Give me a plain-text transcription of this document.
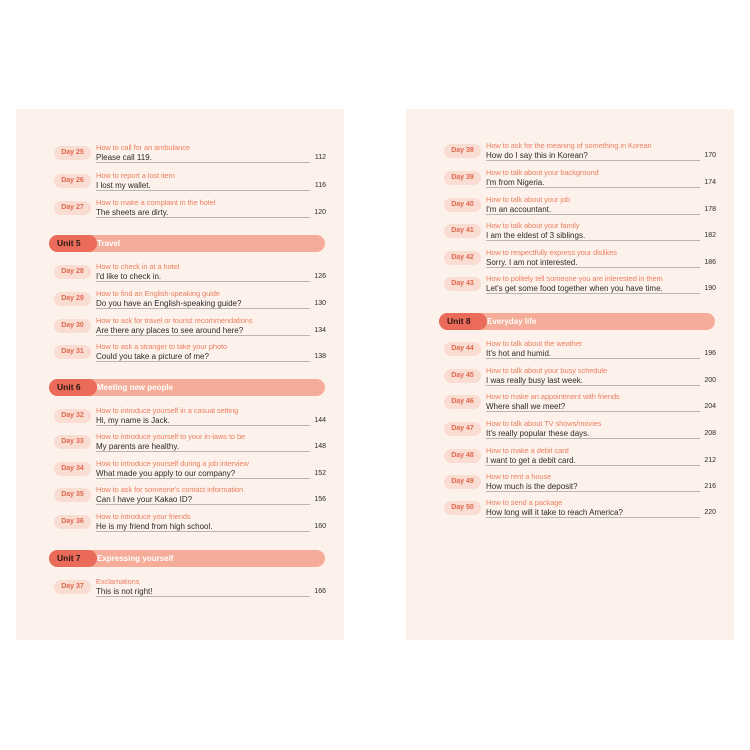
Day 25
How to call for an ambulance
Please call 119.	112
Day 26
How to report a lost item
I lost my wallet.	116
Day 27
How to make a complaint in the hotel
The sheets are dirty.	120
Unit 5	Travel
Day 28
How to check in at a hotel
I'd like to check in.	126
Day 29
How to find an English-speaking guide
Do you have an English-speaking guide?	130
Day 30
How to ask for travel or tourist recommendations
Are there any places to see around here?	134
Day 31
How to ask a stranger to take your photo
Could you take a picture of me?	138
Unit 6	Meeting new people
Day 32
How to introduce yourself in a casual setting
Hi, my name is Jack.	144
Day 33
How to introduce yourself to your in-laws to be
My parents are healthy.	148
Day 34
How to introduce yourself during a job interview
What made you apply to our company?	152
Day 35
How to ask for someone's contact information
Can I have your Kakao ID?	156
Day 36
How to introduce your friends
He is my friend from high school.	160
Unit 7	Expressing yourself
Day 37
Exclamations
This is not right!	166
Day 38
How to ask for the meaning of something in Korean
How do I say this in Korean?	170
Day 39
How to talk about your background
I'm from Nigeria.	174
Day 40
How to talk about your job
I'm an accountant.	178
Day 41
How to talk about your family
I am the eldest of 3 siblings.	182
Day 42
How to respectfully express your dislikes
Sorry. I am not interested.	186
Day 43
How to politely tell someone you are interested in them
Let's get some food together when you have time.	190
Unit 8	Everyday life
Day 44
How to talk about the weather
It's hot and humid.	196
Day 45
How to talk about your busy schedule
I was really busy last week.	200
Day 46
How to make an appointment with friends
Where shall we meet?	204
Day 47
How to talk about TV shows/movies
It's really popular these days.	208
Day 48
How to make a debit card
I want to get a debit card.	212
Day 49
How to rent a house
How much is the deposit?	216
Day 50
How to send a package
How long will it take to reach America?	220
